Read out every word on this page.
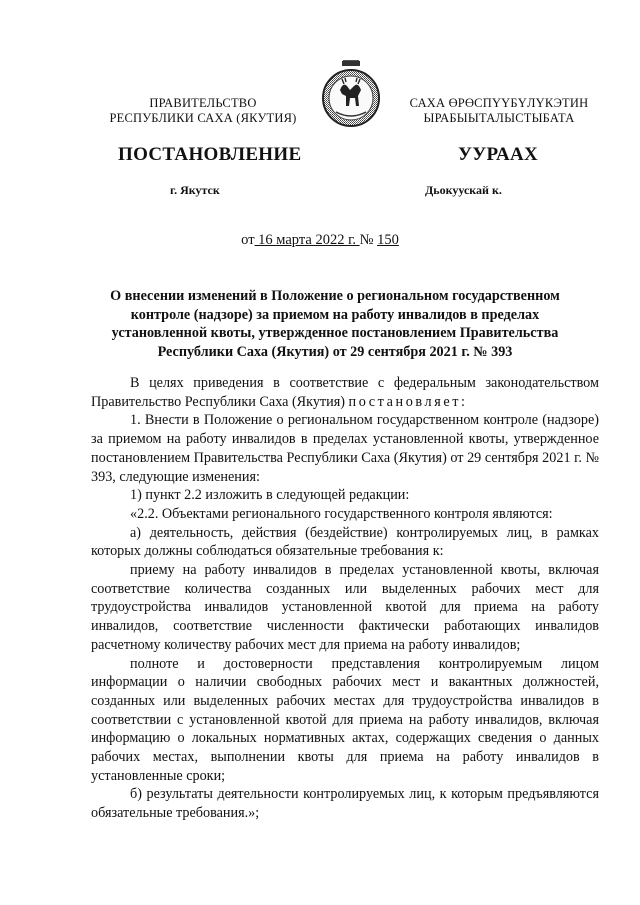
ПРАВИТЕЛЬСТВО
РЕСПУБЛИКИ САХА (ЯКУТИЯ)
САХА ӨРӨСПҮҮБҮЛҮКЭТИН
ЫРАБЫЫТАЛЫСТЫБАТА
ПОСТАНОВЛЕНИЕ	УУРААХ
г. Якутск	Дьокуускай к.
от 16 марта 2022 г. № 150
О внесении изменений в Положение о региональном государственном контроле (надзоре) за приемом на работу инвалидов в пределах установленной квоты, утвержденное постановлением Правительства Республики Саха (Якутия) от 29 сентября 2021 г. № 393

В целях приведения в соответствие с федеральным законодательством Правительство Республики Саха (Якутия) постановляет:

1. Внести в Положение о региональном государственном контроле (надзоре) за приемом на работу инвалидов в пределах установленной квоты, утвержденное постановлением Правительства Республики Саха (Якутия) от 29 сентября 2021 г. № 393, следующие изменения:

1) пункт 2.2 изложить в следующей редакции:

«2.2. Объектами регионального государственного контроля являются:

а) деятельность, действия (бездействие) контролируемых лиц, в рамках которых должны соблюдаться обязательные требования к:

приему на работу инвалидов в пределах установленной квоты, включая соответствие количества созданных или выделенных рабочих мест для трудоустройства инвалидов установленной квотой для приема на работу инвалидов, соответствие численности фактически работающих инвалидов расчетному количеству рабочих мест для приема на работу инвалидов;

полноте и достоверности представления контролируемым лицом информации о наличии свободных рабочих мест и вакантных должностей, созданных или выделенных рабочих местах для трудоустройства инвалидов в соответствии с установленной квотой для приема на работу инвалидов, включая информацию о локальных нормативных актах, содержащих сведения о данных рабочих местах, выполнении квоты для приема на работу инвалидов в установленные сроки;

б) результаты деятельности контролируемых лиц, к которым предъявляются обязательные требования.»;
